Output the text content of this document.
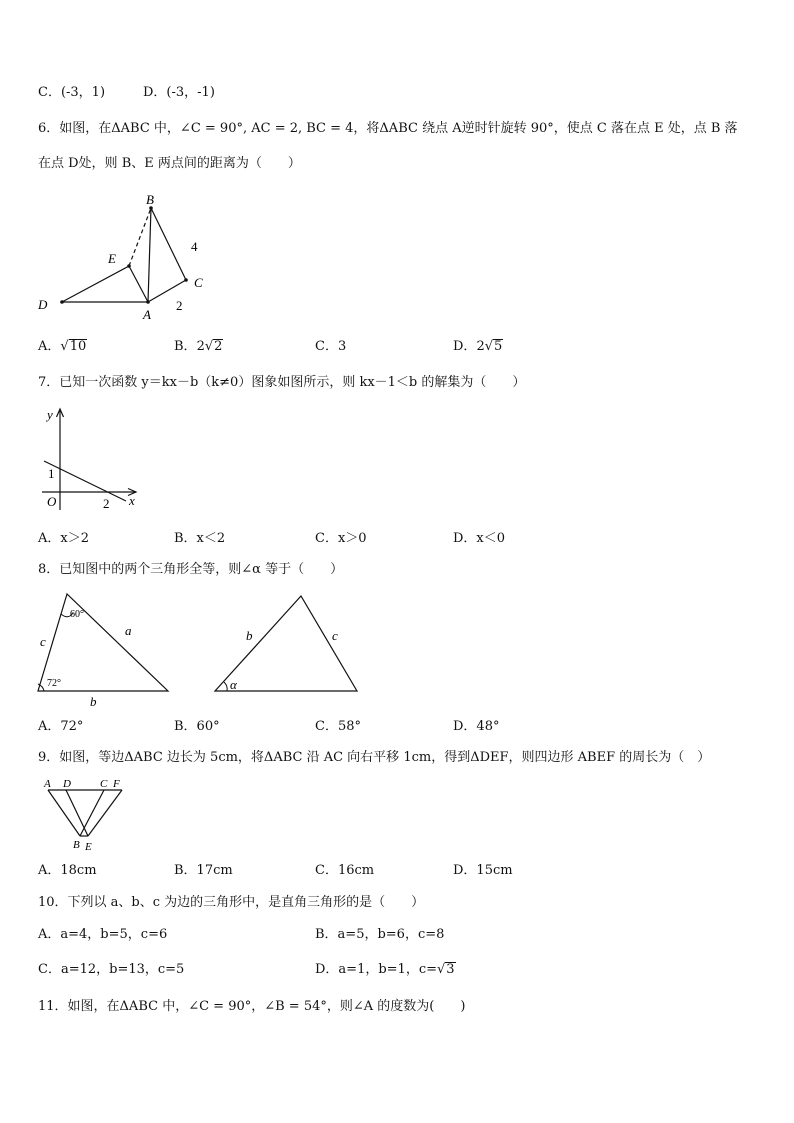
C．(-3，1)	D．(-3，-1)
6．如图，在ΔABC 中，∠C = 90°, AC = 2, BC = 4，将ΔABC 绕点 A逆时针旋转 90°，使点 C 落在点 E 处，点 B 落
在点 D处，则 B、E 两点间的距离为（　　）
B
E
C
D
A
4
2
A．√10	B．2√2	C．3	D．2√5
7．已知一次函数 y＝kx－b（k≠0）图象如图所示，则 kx－1＜b 的解集为（　　）
y
x
O
1
2
A．x＞2	B．x＜2	C．x＞0	D．x＜0
8．已知图中的两个三角形全等，则∠α 等于（　　）
60°
72°
c
a
b
b	c
α
A．72°	B．60°	C．58°	D．48°
9．如图，等边ΔABC 边长为 5cm，将ΔABC 沿 AC 向右平移 1cm，得到ΔDEF，则四边形 ABEF 的周长为（　）
A D	C F
B E
A．18cm	B．17cm	C．16cm	D．15cm
10．下列以 a、b、c 为边的三角形中，是直角三角形的是（　　）
A．a=4，b=5，c=6	B．a=5，b=6，c=8
C．a=12，b=13，c=5	D．a=1，b=1，c=√3
11．如图，在ΔABC 中，∠C = 90°，∠B = 54°，则∠A 的度数为(　　)
